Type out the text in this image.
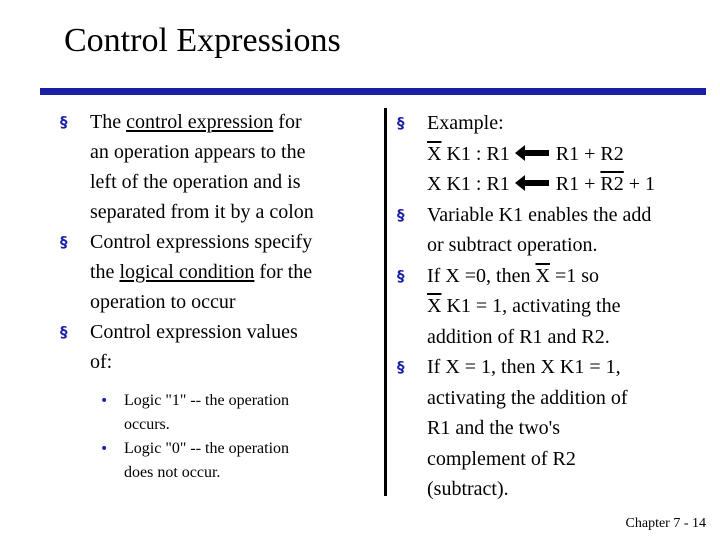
Control Expressions
§
The control expression for
an operation appears to the
left of the operation and is
separated from it by a colon
§
Control expressions specify
the logical condition for the
operation to occur
§
Control expression values
of:
•
Logic "1" -- the operation
occurs.
•
Logic "0" -- the operation
does not occur.
§
Example:
$\overline{X}$ K1 : R1 R1 + R2
X K1 : R1 R1 + R2 + 1
§
Variable K1 enables the add
or subtract operation.
§
If X =0, then $\overline{X} =1$ so
$\overline{X}$ K1 = 1, activating the
addition of R1 and R2.
§
If X = 1, then X K1 = 1,
activating the addition of
R1 and the two's
complement of R2
(subtract).
Chapter 7 - 14
